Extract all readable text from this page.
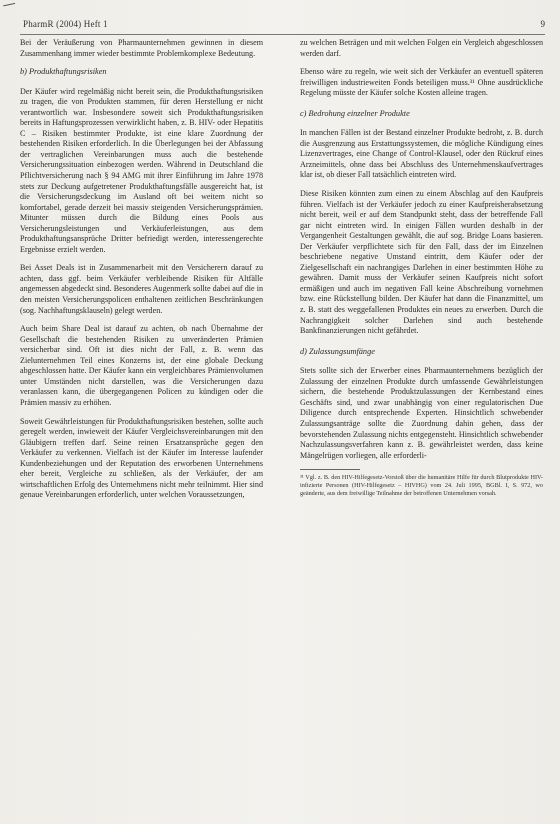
PharmR (2004) Heft 1	9

Bei der Veräußerung von Pharmaunternehmen gewinnen in diesem Zusammenhang immer wieder bestimmte Problemkomplexe Bedeutung.

b) Produkthaftungsrisiken

Der Käufer wird regelmäßig nicht bereit sein, die Produkthaftungsrisiken zu tragen, die von Produkten stammen, für deren Herstellung er nicht verantwortlich war. Insbesondere soweit sich Produkthaftungsrisiken bereits in Haftungsprozessen verwirklicht haben, z. B. HIV- oder Hepatitis C – Risiken bestimmter Produkte, ist eine klare Zuordnung der bestehenden Risiken erforderlich. In die Überlegungen bei der Abfassung der vertraglichen Vereinbarungen muss auch die bestehende Versicherungssituation einbezogen werden. Während in Deutschland die Pflichtversicherung nach § 94 AMG mit ihrer Einführung im Jahre 1978 stets zur Deckung aufgetretener Produkthaftungsfälle ausgereicht hat, ist die Versicherungsdeckung im Ausland oft bei weitem nicht so komfortabel, gerade derzeit bei massiv steigenden Versicherungsprämien. Mitunter müssen durch die Bildung eines Pools aus Versicherungsleistungen und Verkäuferleistungen, aus dem Produkthaftungsansprüche Dritter befriedigt werden, interessengerechte Ergebnisse erzielt werden.

Bei Asset Deals ist in Zusammenarbeit mit den Versicherern darauf zu achten, dass ggf. beim Verkäufer verbleibende Risiken für Altfälle angemessen abgedeckt sind. Besonderes Augenmerk sollte dabei auf die in den meisten Versicherungspolicen enthaltenen zeitlichen Beschränkungen (sog. Nachhaftungsklauseln) gelegt werden.

Auch beim Share Deal ist darauf zu achten, ob nach Übernahme der Gesellschaft die bestehenden Risiken zu unveränderten Prämien versicherbar sind. Oft ist dies nicht der Fall, z. B. wenn das Zielunternehmen Teil eines Konzerns ist, der eine globale Deckung abgeschlossen hatte. Der Käufer kann ein vergleichbares Prämienvolumen unter Umständen nicht darstellen, was die Versicherungen dazu veranlassen kann, die übergegangenen Policen zu kündigen oder die Prämien massiv zu erhöhen.

Soweit Gewährleistungen für Produkthaftungsrisiken bestehen, sollte auch geregelt werden, inwieweit der Käufer Vergleichsvereinbarungen mit den Gläubigern treffen darf. Seine reinen Ersatzansprüche gegen den Verkäufer zu verkennen. Vielfach ist der Käufer im Interesse laufender Kundenbeziehungen und der Reputation des erworbenen Unternehmens eher bereit, Vergleiche zu schließen, als der Verkäufer, der am wirtschaftlichen Erfolg des Unternehmens nicht mehr teilnimmt. Hier sind genaue Vereinbarungen erforderlich, unter welchen Voraussetzungen,

zu welchen Beträgen und mit welchen Folgen ein Vergleich abgeschlossen werden darf.

Ebenso wäre zu regeln, wie weit sich der Verkäufer an eventuell späteren freiwilligen industrieweiten Fonds beteiligen muss.³¹ Ohne ausdrückliche Regelung müsste der Käufer solche Kosten alleine tragen.

c) Bedrohung einzelner Produkte

In manchen Fällen ist der Bestand einzelner Produkte bedroht, z. B. durch die Ausgrenzung aus Erstattungssystemen, die mögliche Kündigung eines Lizenzvertrages, eine Change of Control-Klausel, oder den Rückruf eines Arzneimittels, ohne dass bei Abschluss des Unternehmenskaufvertrages klar ist, ob dieser Fall tatsächlich eintreten wird.

Diese Risiken könnten zum einen zu einem Abschlag auf den Kaufpreis führen. Vielfach ist der Verkäufer jedoch zu einer Kaufpreisherabsetzung nicht bereit, weil er auf dem Standpunkt steht, dass der betreffende Fall gar nicht eintreten wird. In einigen Fällen wurden deshalb in der Vergangenheit Gestaltungen gewählt, die auf sog. Bridge Loans basieren. Der Verkäufer verpflichtete sich für den Fall, dass der im Einzelnen beschriebene negative Umstand eintritt, dem Käufer oder der Zielgesellschaft ein nachrangiges Darlehen in einer bestimmten Höhe zu gewähren. Damit muss der Verkäufer seinen Kaufpreis nicht sofort ermäßigen und auch im negativen Fall keine Abschreibung vornehmen bzw. eine Rückstellung bilden. Der Käufer hat dann die Finanzmittel, um z. B. statt des weggefallenen Produktes ein neues zu erwerben. Durch die Nachrangigkeit solcher Darlehen sind auch bestehende Bankfinanzierungen nicht gefährdet.

d) Zulassungsumfänge

Stets sollte sich der Erwerber eines Pharmaunternehmens bezüglich der Zulassung der einzelnen Produkte durch umfassende Gewährleistungen sichern, die bestehende Produktzulassungen der Kernbestand eines Geschäfts sind, und zwar unabhängig von einer regulatorischen Due Diligence durch entsprechende Experten. Hinsichtlich schwebender Zulassungsanträge sollte die Zuordnung dahin gehen, dass der bevorstehenden Zulassung nichts entgegensteht. Hinsichtlich schwebender Nachzulassungsverfahren kann z. B. gewährleistet werden, dass keine Mängelrügen vorliegen, alle erforderli-

³¹ Vgl. z. B. den HIV-Hilfegesetz-Vorstoß über die humanitäre Hilfe für durch Blutprodukte HIV-infizierte Personen (HIV-Hilfegesetz – HIVHG) vom 24. Juli 1995, BGBl. I, S. 972, wo geänderte, aus dem freiwillige Teilnahme der betroffenen Unternehmen vorsah.
